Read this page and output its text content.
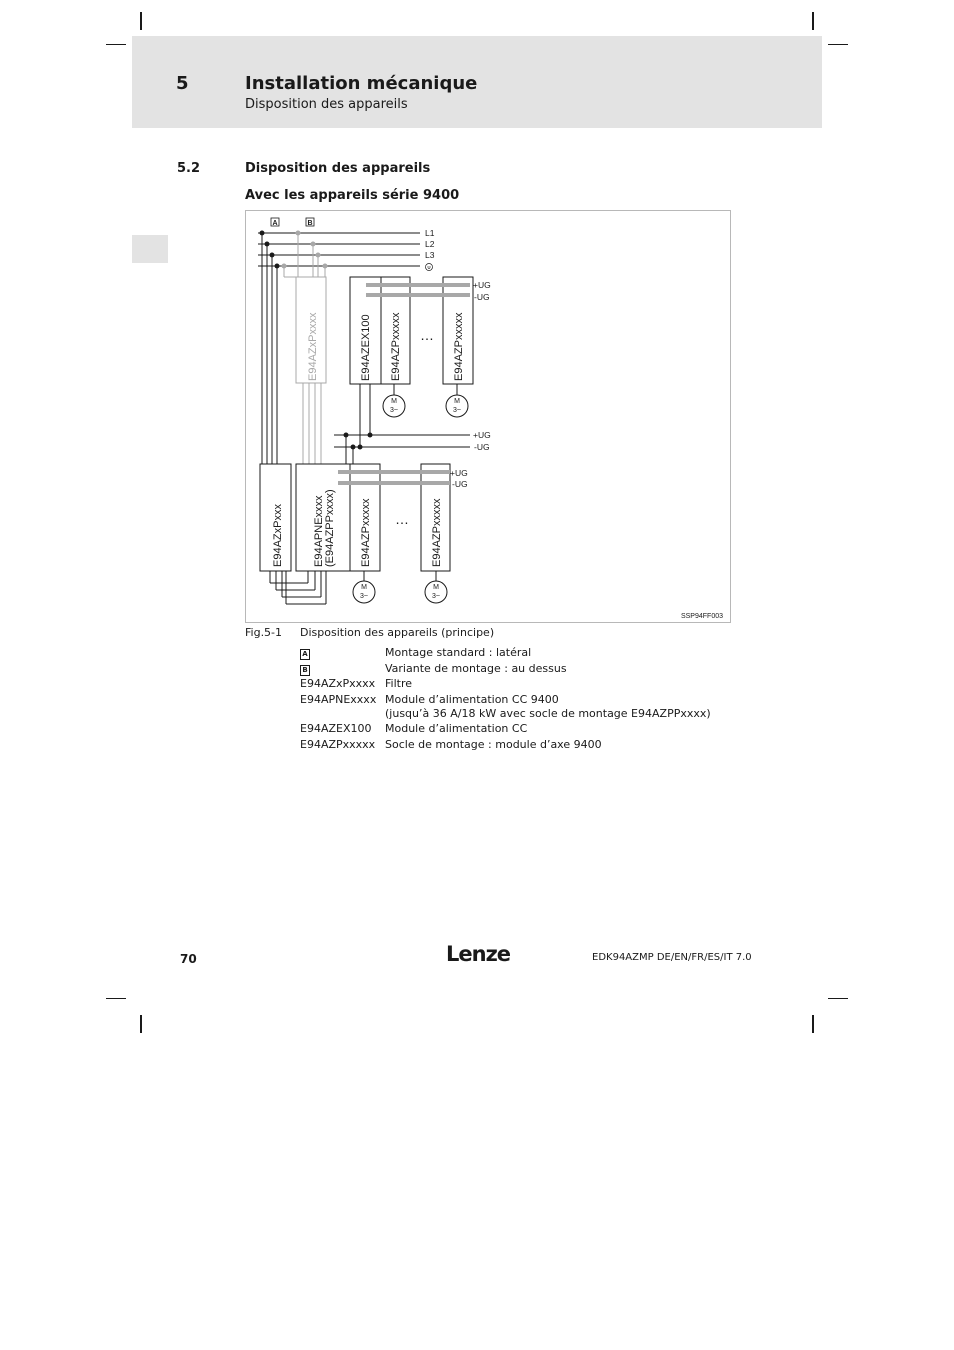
5	Installation mécanique
Disposition des appareils
5.2	Disposition des appareils
Avec les appareils série 9400
A	B
L1
L2
L3
E94AZxPxxxx
+UG
-UG
E94AZEX100 E94AZPxxxxx	E94AZPxxxxx
…
M
3~
M
3~
+UG
-UG
+UG
-UG
E94AZxPxxx	E94APNExxxx (E94AZPPxxxx) E94AZPxxxxx	E94AZPxxxxx
…
M
3~
M
3~
SSP94FF003
Fig.5-1 Disposition des appareils (principe)
A	Montage standard : latéral
B	Variante de montage : au dessus
E94AZxPxxxx Filtre
E94APNExxxx Module d’alimentation CC 9400
(jusqu’à 36 A/18 kW avec socle de montage E94AZPPxxxx)
E94AZEX100	Module d’alimentation CC
E94AZPxxxxx Socle de montage : module d’axe 9400
70	Lenze	EDK94AZMP DE/EN/FR/ES/IT 7.0
